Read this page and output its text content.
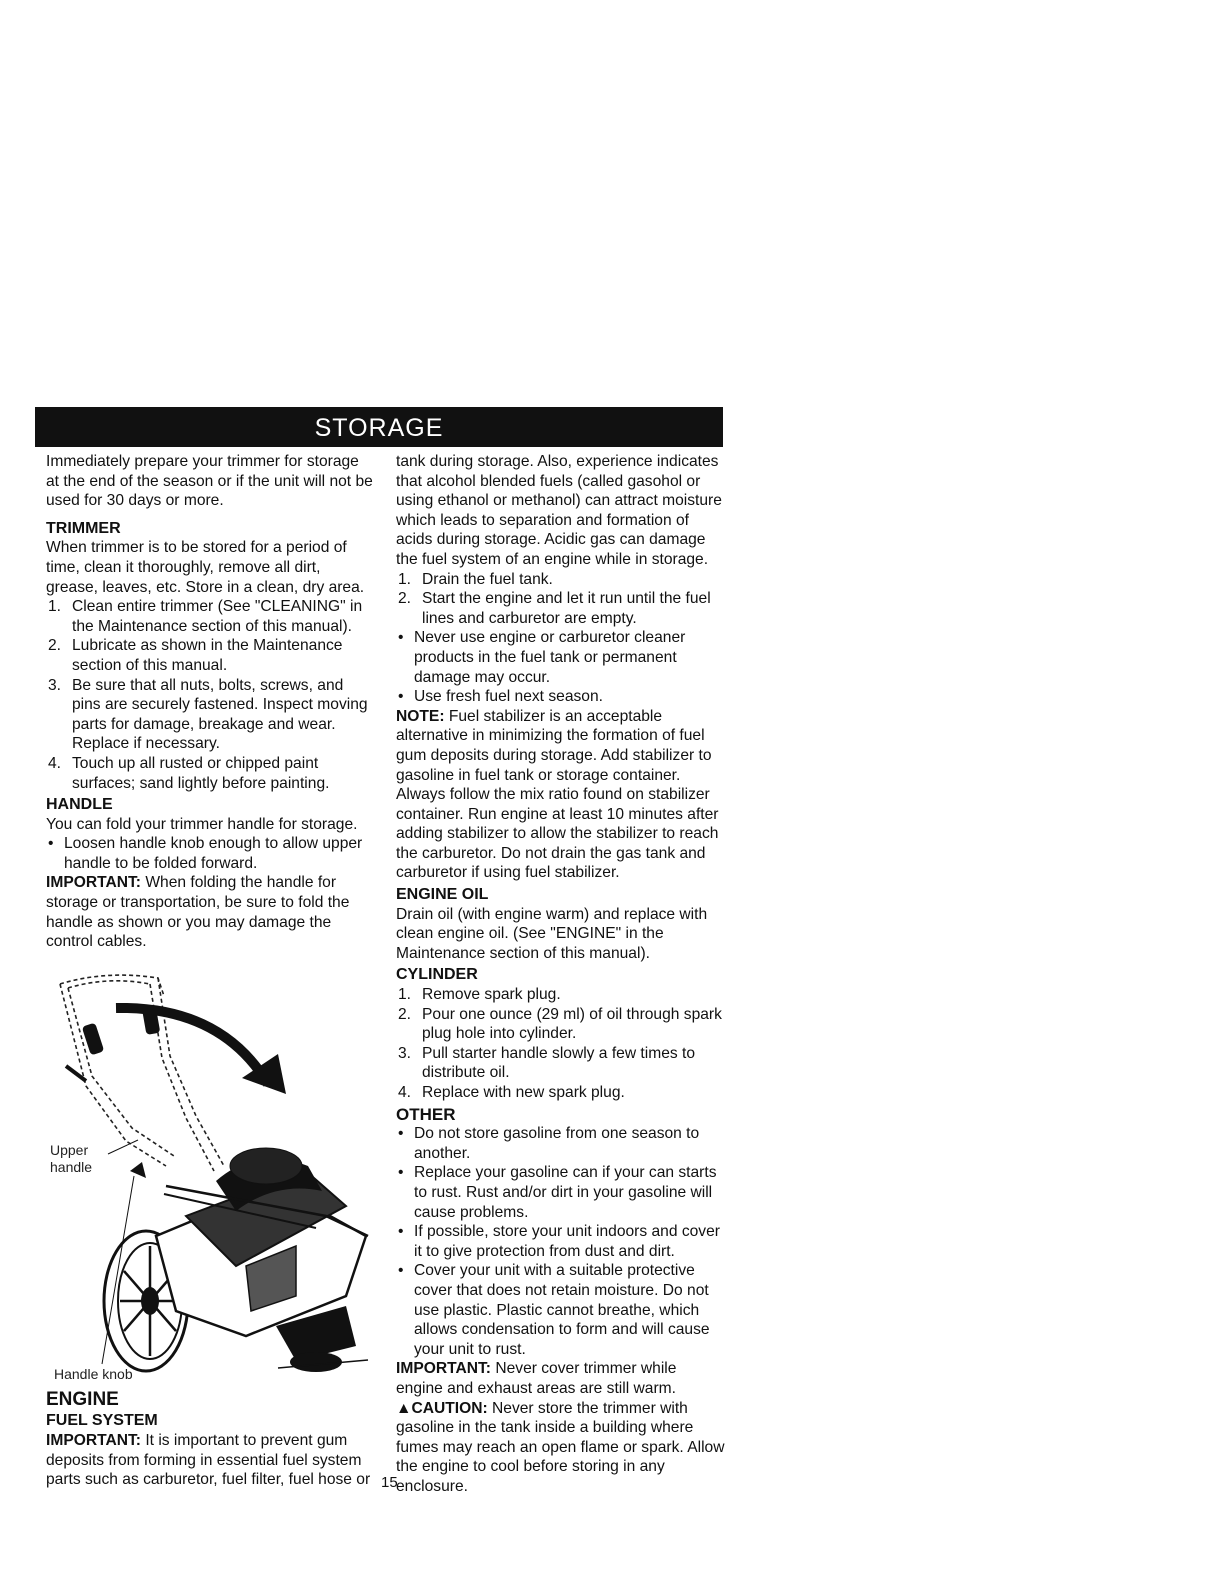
STORAGE

Immediately prepare your trimmer for storage at the end of the season or if the unit will not be used for 30 days or more.

TRIMMER

When trimmer is to be stored for a period of time, clean it thoroughly, remove all dirt, grease, leaves, etc. Store in a clean, dry area.

1. Clean entire trimmer (See "CLEANING" in the Maintenance section of this manual).
2. Lubricate as shown in the Maintenance section of this manual.
3. Be sure that all nuts, bolts, screws, and pins are securely fastened. Inspect moving parts for damage, breakage and wear. Replace if necessary.
4. Touch up all rusted or chipped paint surfaces; sand lightly before painting.

HANDLE

You can fold your trimmer handle for storage.

• Loosen handle knob enough to allow upper handle to be folded forward.

IMPORTANT: When folding the handle for storage or transportation, be sure to fold the handle as shown or you may damage the control cables.

Upper handle
Handle knob

ENGINE

FUEL SYSTEM

IMPORTANT: It is important to prevent gum deposits from forming in essential fuel system parts such as carburetor, fuel filter, fuel hose or

tank during storage. Also, experience indicates that alcohol blended fuels (called gasohol or using ethanol or methanol) can attract moisture which leads to separation and formation of acids during storage. Acidic gas can damage the fuel system of an engine while in storage.

1. Drain the fuel tank.
2. Start the engine and let it run until the fuel lines and carburetor are empty.
• Never use engine or carburetor cleaner products in the fuel tank or permanent damage may occur.
• Use fresh fuel next season.

NOTE: Fuel stabilizer is an acceptable alternative in minimizing the formation of fuel gum deposits during storage. Add stabilizer to gasoline in fuel tank or storage container. Always follow the mix ratio found on stabilizer container. Run engine at least 10 minutes after adding stabilizer to allow the stabilizer to reach the carburetor. Do not drain the gas tank and carburetor if using fuel stabilizer.

ENGINE OIL

Drain oil (with engine warm) and replace with clean engine oil. (See "ENGINE" in the Maintenance section of this manual).

CYLINDER

1. Remove spark plug.
2. Pour one ounce (29 ml) of oil through spark plug hole into cylinder.
3. Pull starter handle slowly a few times to distribute oil.
4. Replace with new spark plug.

OTHER

• Do not store gasoline from one season to another.
• Replace your gasoline can if your can starts to rust. Rust and/or dirt in your gasoline will cause problems.
• If possible, store your unit indoors and cover it to give protection from dust and dirt.
• Cover your unit with a suitable protective cover that does not retain moisture. Do not use plastic. Plastic cannot breathe, which allows condensation to form and will cause your unit to rust.

IMPORTANT: Never cover trimmer while engine and exhaust areas are still warm.

▲CAUTION: Never store the trimmer with gasoline in the tank inside a building where fumes may reach an open flame or spark. Allow the engine to cool before storing in any enclosure.

15
